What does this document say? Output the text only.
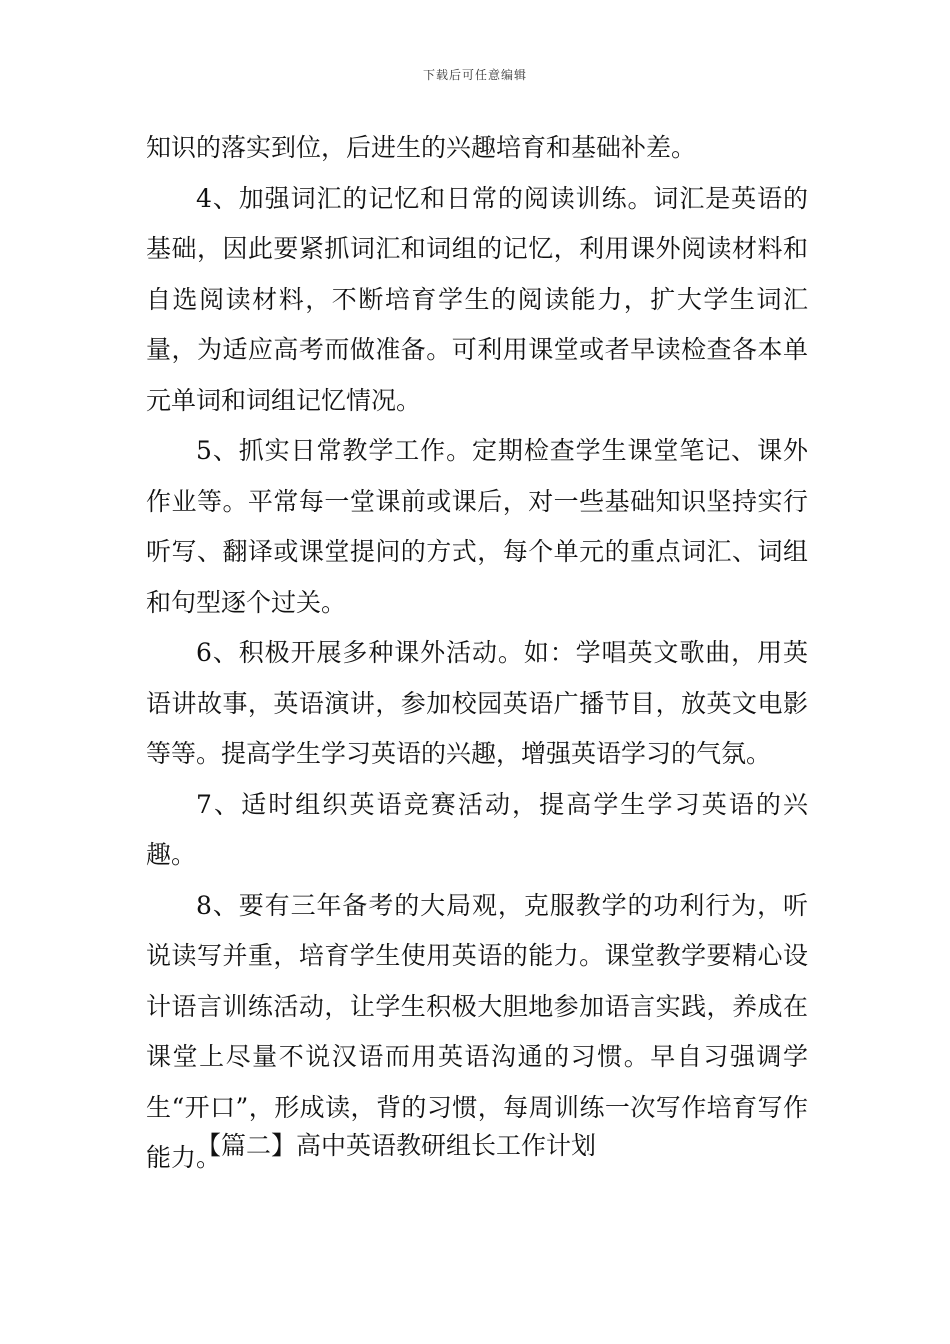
下载后可任意编辑

知识的落实到位，后进生的兴趣培育和基础补差。

4、加强词汇的记忆和日常的阅读训练。词汇是英语的基础，因此要紧抓词汇和词组的记忆，利用课外阅读材料和自选阅读材料，不断培育学生的阅读能力，扩大学生词汇量，为适应高考而做准备。可利用课堂或者早读检查各本单元单词和词组记忆情况。

5、抓实日常教学工作。定期检查学生课堂笔记、课外作业等。平常每一堂课前或课后，对一些基础知识坚持实行听写、翻译或课堂提问的方式，每个单元的重点词汇、词组和句型逐个过关。

6、积极开展多种课外活动。如：学唱英文歌曲，用英语讲故事，英语演讲，参加校园英语广播节目，放英文电影等等。提高学生学习英语的兴趣，增强英语学习的气氛。

7、适时组织英语竞赛活动，提高学生学习英语的兴趣。

8、要有三年备考的大局观，克服教学的功利行为，听说读写并重，培育学生使用英语的能力。课堂教学要精心设计语言训练活动，让学生积极大胆地参加语言实践，养成在课堂上尽量不说汉语而用英语沟通的习惯。早自习强调学生“开口”，形成读，背的习惯，每周训练一次写作培育写作能力。

【篇二】高中英语教研组长工作计划
